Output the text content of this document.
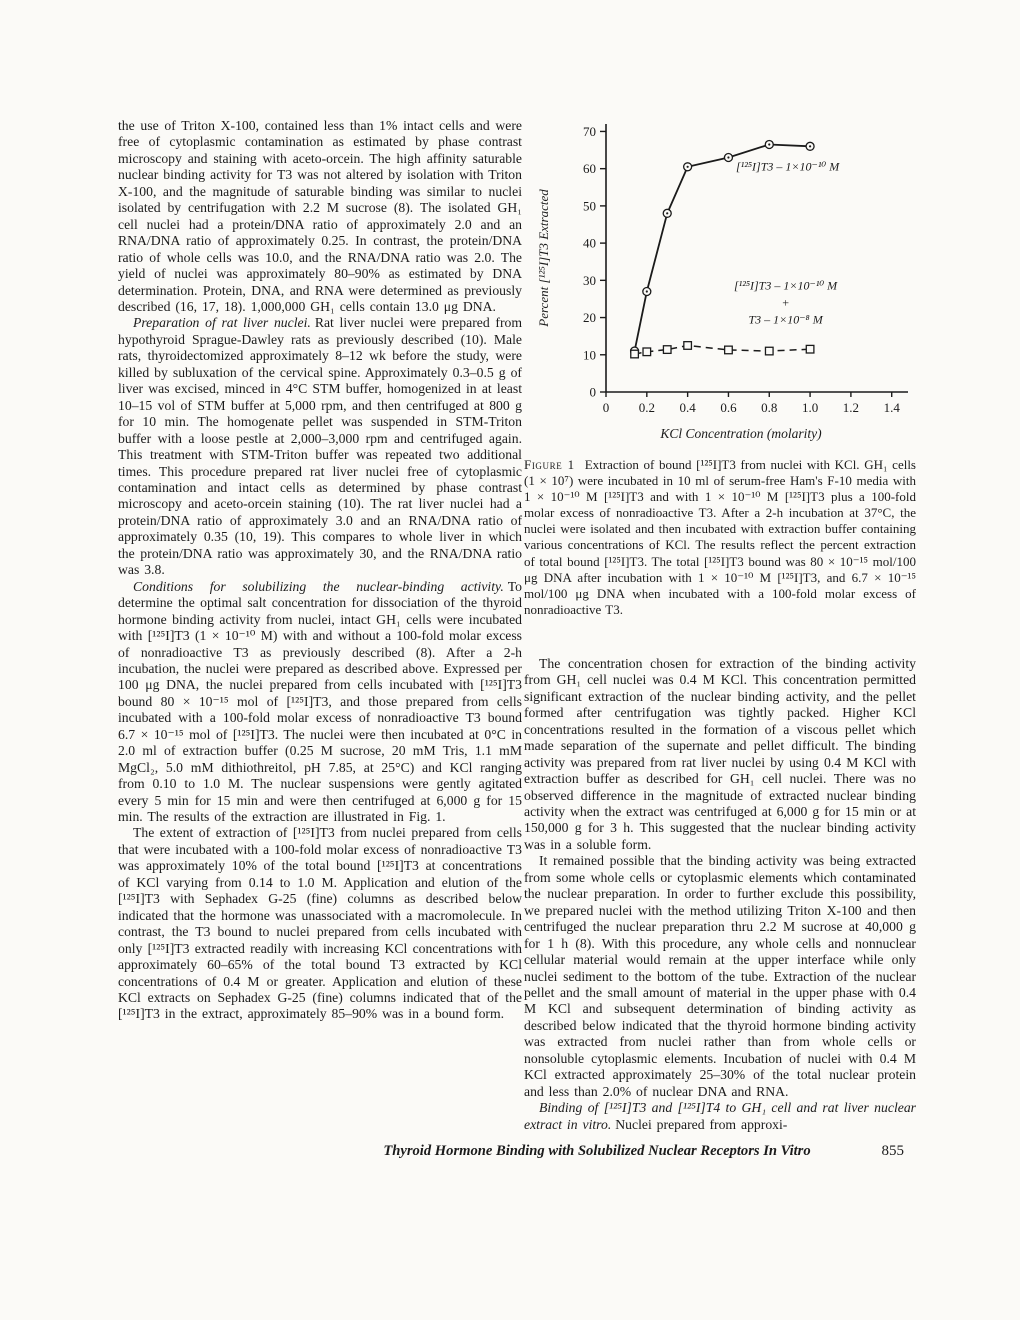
the use of Triton X-100, contained less than 1% intact cells and were free of cytoplasmic contamination as estimated by phase contrast microscopy and staining with aceto-orcein. The high affinity saturable nuclear binding activity for T3 was not altered by isolation with Triton X-100, and the magnitude of saturable binding was similar to nuclei isolated by centrifugation with 2.2 M sucrose (8). The isolated GH₁ cell nuclei had a protein/DNA ratio of approximately 2.0 and an RNA/DNA ratio of approximately 0.25. In contrast, the protein/DNA ratio of whole cells was 10.0, and the RNA/DNA ratio was 2.0. The yield of nuclei was approximately 80–90% as estimated by DNA determination. Protein, DNA, and RNA were determined as previously described (16, 17, 18). 1,000,000 GH₁ cells contain 13.0 μg DNA.

Preparation of rat liver nuclei. Rat liver nuclei were prepared from hypothyroid Sprague-Dawley rats as previously described (10). Male rats, thyroidectomized approximately 8–12 wk before the study, were killed by subluxation of the cervical spine. Approximately 0.3–0.5 g of liver was excised, minced in 4°C STM buffer, homogenized in at least 10–15 vol of STM buffer at 5,000 rpm, and then centrifuged at 800 g for 10 min. The homogenate pellet was suspended in STM-Triton buffer with a loose pestle at 2,000–3,000 rpm and centrifuged again. This treatment with STM-Triton buffer was repeated two additional times. This procedure prepared rat liver nuclei free of cytoplasmic contamination and intact cells as determined by phase contrast microscopy and aceto-orcein staining (10). The rat liver nuclei had a protein/DNA ratio of approximately 3.0 and an RNA/DNA ratio of approximately 0.35 (10, 19). This compares to whole liver in which the protein/DNA ratio was approximately 30, and the RNA/DNA ratio was 3.8.

Conditions for solubilizing the nuclear-binding activity. To determine the optimal salt concentration for dissociation of the thyroid hormone binding activity from nuclei, intact GH₁ cells were incubated with [¹²⁵I]T3 (1 × 10⁻¹⁰ M) with and without a 100-fold molar excess of nonradioactive T3 as previously described (8). After a 2-h incubation, the nuclei were prepared as described above. Expressed per 100 μg DNA, the nuclei prepared from cells incubated with [¹²⁵I]T3 bound 80 × 10⁻¹⁵ mol of [¹²⁵I]T3, and those prepared from cells incubated with a 100-fold molar excess of nonradioactive T3 bound 6.7 × 10⁻¹⁵ mol of [¹²⁵I]T3. The nuclei were then incubated at 0°C in 2.0 ml of extraction buffer (0.25 M sucrose, 20 mM Tris, 1.1 mM MgCl₂, 5.0 mM dithiothreitol, pH 7.85, at 25°C) and KCl ranging from 0.10 to 1.0 M. The nuclear suspensions were gently agitated every 5 min for 15 min and were then centrifuged at 6,000 g for 15 min. The results of the extraction are illustrated in Fig. 1.

The extent of extraction of [¹²⁵I]T3 from nuclei prepared from cells that were incubated with a 100-fold molar excess of nonradioactive T3 was approximately 10% of the total bound [¹²⁵I]T3 at concentrations of KCl varying from 0.14 to 1.0 M. Application and elution of the [¹²⁵I]T3 with Sephadex G-25 (fine) columns as described below indicated that the hormone was unassociated with a macromolecule. In contrast, the T3 bound to nuclei prepared from cells incubated with only [¹²⁵I]T3 extracted readily with increasing KCl concentrations with approximately 60–65% of the total bound T3 extracted by KCl concentrations of 0.4 M or greater. Application and elution of these KCl extracts on Sephadex G-25 (fine) columns indicated that of the [¹²⁵I]T3 in the extract, approximately 85–90% was in a bound form.

0 0.2 0.4 0.6 0.8 1.0 1.2 1.4
0
10
20
30
40
50
60
70
[¹²⁵I]T3 – 1×10⁻¹⁰ M
[¹²⁵I]T3 – 1×10⁻¹⁰ M
+
T3 – 1×10⁻⁸ M
KCl Concentration (molarity)
Percent [¹²⁵I]T3 Extracted
Figure 1 Extraction of bound [¹²⁵I]T3 from nuclei with KCl. GH₁ cells (1 × 10⁷) were incubated in 10 ml of serum-free Ham's F-10 media with 1 × 10⁻¹⁰ M [¹²⁵I]T3 and with 1 × 10⁻¹⁰ M [¹²⁵I]T3 plus a 100-fold molar excess of nonradioactive T3. After a 2-h incubation at 37°C, the nuclei were isolated and then incubated with extraction buffer containing various concentrations of KCl. The results reflect the percent extraction of total bound [¹²⁵I]T3. The total [¹²⁵I]T3 bound was 80 × 10⁻¹⁵ mol/100 μg DNA after incubation with 1 × 10⁻¹⁰ M [¹²⁵I]T3, and 6.7 × 10⁻¹⁵ mol/100 μg DNA when incubated with a 100-fold molar excess of nonradioactive T3.

The concentration chosen for extraction of the binding activity from GH₁ cell nuclei was 0.4 M KCl. This concentration permitted significant extraction of the nuclear binding activity, and the pellet formed after centrifugation was tightly packed. Higher KCl concentrations resulted in the formation of a viscous pellet which made separation of the supernate and pellet difficult. The binding activity was prepared from rat liver nuclei by using 0.4 M KCl with extraction buffer as described for GH₁ cell nuclei. There was no observed difference in the magnitude of extracted nuclear binding activity when the extract was centrifuged at 6,000 g for 15 min or at 150,000 g for 3 h. This suggested that the nuclear binding activity was in a soluble form.

It remained possible that the binding activity was being extracted from some whole cells or cytoplasmic elements which contaminated the nuclear preparation. In order to further exclude this possibility, we prepared nuclei with the method utilizing Triton X-100 and then centrifuged the nuclear preparation thru 2.2 M sucrose at 40,000 g for 1 h (8). With this procedure, any whole cells and nonnuclear cellular material would remain at the upper interface while only nuclei sediment to the bottom of the tube. Extraction of the nuclear pellet and the small amount of material in the upper phase with 0.4 M KCl and subsequent determination of binding activity as described below indicated that the thyroid hormone binding activity was extracted from nuclei rather than from whole cells or nonsoluble cytoplasmic elements. Incubation of nuclei with 0.4 M KCl extracted approximately 25–30% of the total nuclear protein and less than 2.0% of nuclear DNA and RNA.

Binding of [¹²⁵I]T3 and [¹²⁵I]T4 to GH₁ cell and rat liver nuclear extract in vitro. Nuclei prepared from approxi-

Thyroid Hormone Binding with Solubilized Nuclear Receptors In Vitro	855
